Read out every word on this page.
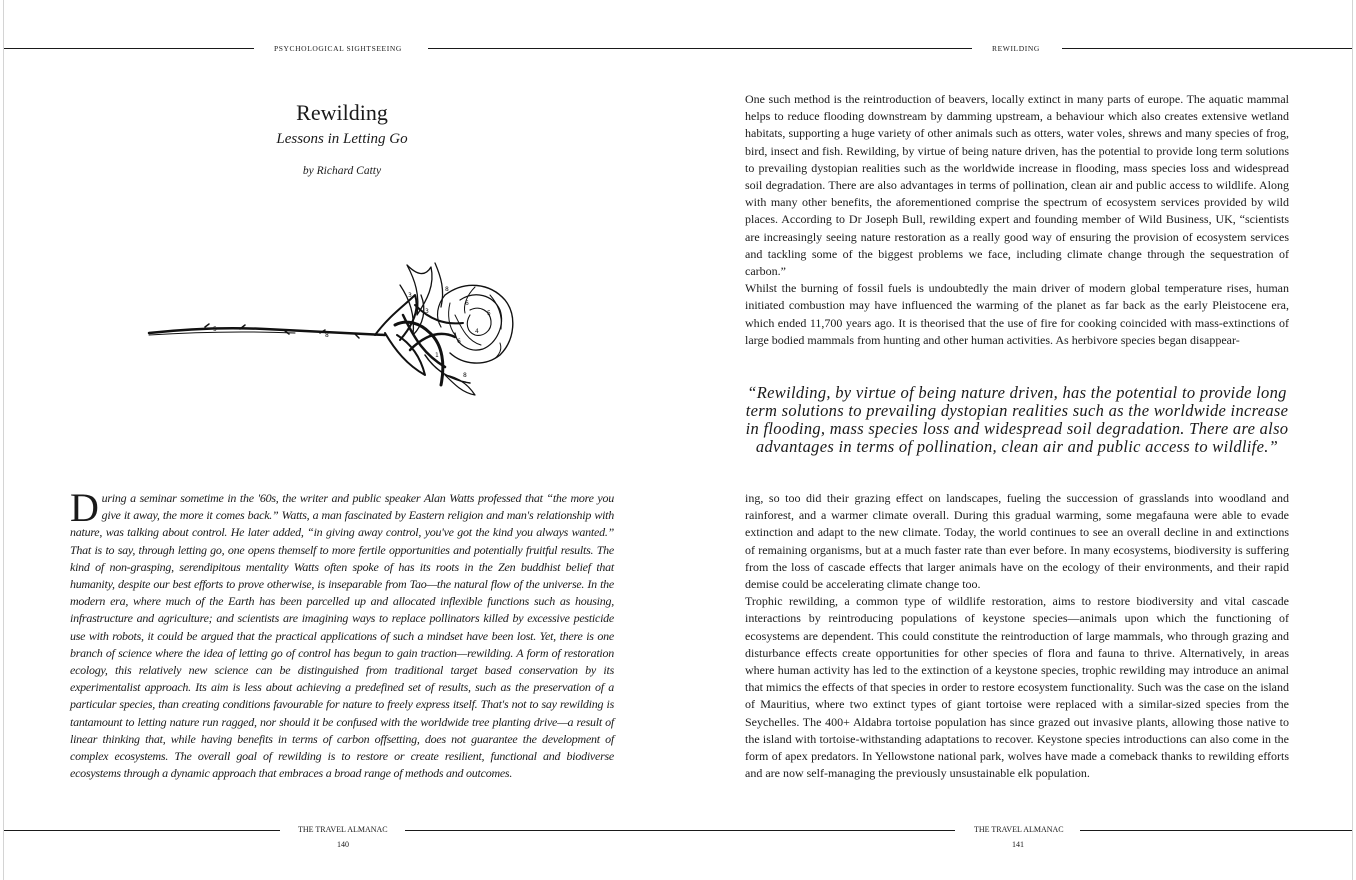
PSYCHOLOGICAL SIGHTSEEING	REWILDING
Rewilding
Lessons in Letting Go
by Richard Catty
3
8
6
5
4
6
3
1
8
5
8
During a seminar sometime in the '60s, the writer and public speaker Alan Watts professed that “the more you give it away, the more it comes back.” Watts, a man fascinated by Eastern religion and man's relationship with nature, was talking about control. He later added, “in giving away control, you've got the kind you always wanted.” That is to say, through letting go, one opens themself to more fertile opportunities and potentially fruitful results. The kind of non-grasping, serendipitous mentality Watts often spoke of has its roots in the Zen buddhist belief that humanity, despite our best efforts to prove otherwise, is inseparable from Tao—the natural flow of the universe. In the modern era, where much of the Earth has been parcelled up and allocated inflexible functions such as housing, infrastructure and agriculture; and scientists are imagining ways to replace pollinators killed by excessive pesticide use with robots, it could be argued that the practical applications of such a mindset have been lost. Yet, there is one branch of science where the idea of letting go of control has begun to gain traction—rewilding. A form of restoration ecology, this relatively new science can be distinguished from traditional target based conservation by its experimentalist approach. Its aim is less about achieving a predefined set of results, such as the preservation of a particular species, than creating conditions favourable for nature to freely express itself. That's not to say rewilding is tantamount to letting nature run ragged, nor should it be confused with the worldwide tree planting drive—a result of linear thinking that, while having benefits in terms of carbon offsetting, does not guarantee the development of complex ecosystems. The overall goal of rewilding is to restore or create resilient, functional and biodiverse ecosystems through a dynamic approach that embraces a broad range of methods and outcomes.

One such method is the reintroduction of beavers, locally extinct in many parts of europe. The aquatic mammal helps to reduce flooding downstream by damming upstream, a behaviour which also creates extensive wetland habitats, supporting a huge variety of other animals such as otters, water voles, shrews and many species of frog, bird, insect and fish. Rewilding, by virtue of being nature driven, has the potential to provide long term solutions to prevailing dystopian realities such as the worldwide increase in flooding, mass species loss and widespread soil degradation. There are also advantages in terms of pollination, clean air and public access to wildlife. Along with many other benefits, the aforementioned comprise the spectrum of ecosystem services provided by wild places. According to Dr Joseph Bull, rewilding expert and founding member of Wild Business, UK, “scientists are increasingly seeing nature restoration as a really good way of ensuring the provision of ecosystem services and tackling some of the biggest problems we face, including climate change through the sequestration of carbon.”

Whilst the burning of fossil fuels is undoubtedly the main driver of modern global temperature rises, human initiated combustion may have influenced the warming of the planet as far back as the early Pleistocene era, which ended 11,700 years ago. It is theorised that the use of fire for cooking coincided with mass-extinctions of large bodied mammals from hunting and other human activities. As herbivore species began disappear-

“Rewilding, by virtue of being nature driven, has the potential to provide long term solutions to prevailing dystopian realities such as the worldwide increase in flooding, mass species loss and widespread soil degradation. There are also advantages in terms of pollination, clean air and public access to wildlife.”

ing, so too did their grazing effect on landscapes, fueling the succession of grasslands into woodland and rainforest, and a warmer climate overall. During this gradual warming, some megafauna were able to evade extinction and adapt to the new climate. Today, the world continues to see an overall decline in and extinctions of remaining organisms, but at a much faster rate than ever before. In many ecosystems, biodiversity is suffering from the loss of cascade effects that larger animals have on the ecology of their environments, and their rapid demise could be accelerating climate change too.

Trophic rewilding, a common type of wildlife restoration, aims to restore biodiversity and vital cascade interactions by reintroducing populations of keystone species—animals upon which the functioning of ecosystems are dependent. This could constitute the reintroduction of large mammals, who through grazing and disturbance effects create opportunities for other species of flora and fauna to thrive. Alternatively, in areas where human activity has led to the extinction of a keystone species, trophic rewilding may introduce an animal that mimics the effects of that species in order to restore ecosystem functionality. Such was the case on the island of Mauritius, where two extinct types of giant tortoise were replaced with a similar-sized species from the Seychelles. The 400+ Aldabra tortoise population has since grazed out invasive plants, allowing those native to the island with tortoise-withstanding adaptations to recover. Keystone species introductions can also come in the form of apex predators. In Yellowstone national park, wolves have made a comeback thanks to rewilding efforts and are now self-managing the previously unsustainable elk population.

THE TRAVEL ALMANAC
140
THE TRAVEL ALMANAC
141
